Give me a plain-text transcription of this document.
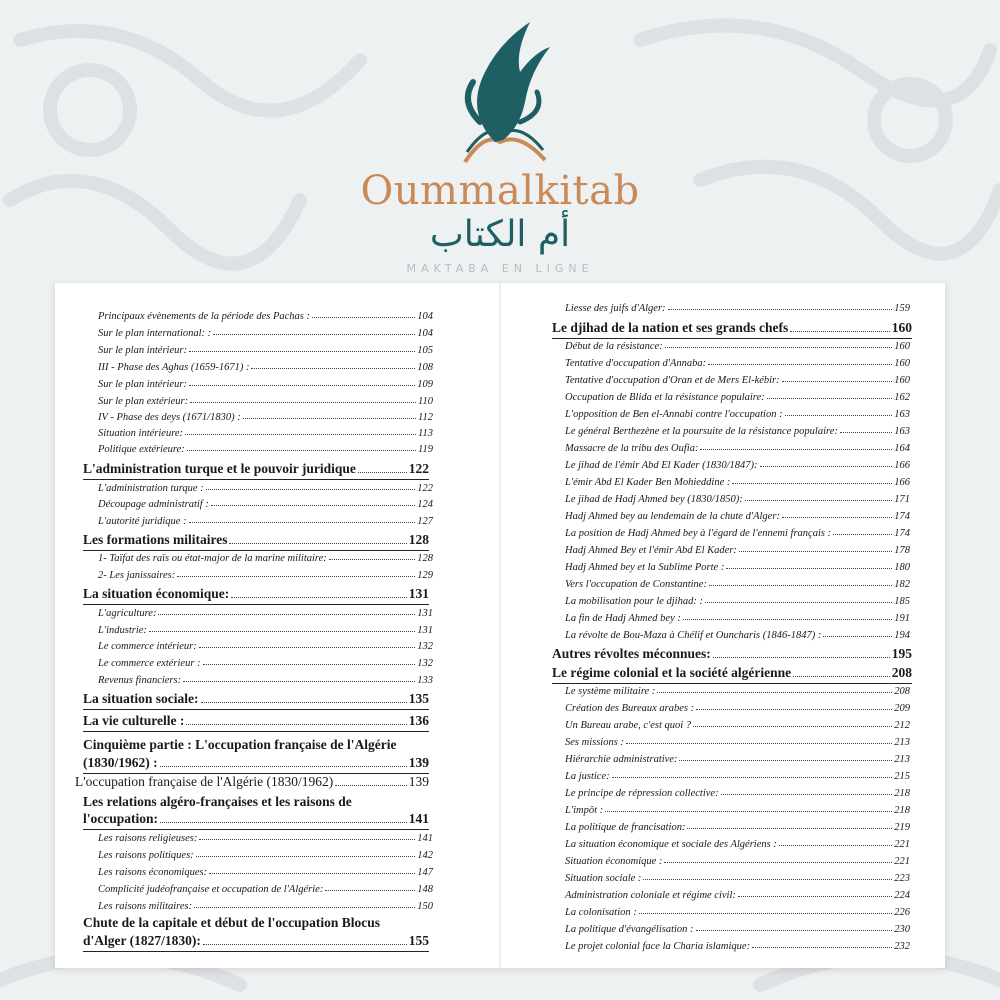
Oummalkitab
أم الكتاب
MAKTABA EN LIGNE
Principaux évènements de la période des Pachas :	104
Sur le plan international: :	104
Sur le plan intérieur:	105
III - Phase des Aghas (1659-1671) :	108
Sur le plan intérieur:	109
Sur le plan extérieur:	110
IV - Phase des deys (1671/1830) :	112
Situation intérieure:	113
Politique extérieure:	119
L'administration turque et le pouvoir juridique	122
L'administration turque :	122
Découpage administratif :	124
L'autorité juridique :	127
Les formations militaires	128
1- Taïfat des raïs ou état-major de la marine militaire:	128
2- Les janissaires:	129
La situation économique:	131
L'agriculture:	131
L'industrie:	131
Le commerce intérieur:	132
Le commerce extérieur :	132
Revenus financiers:	133
La situation sociale:	135
La vie culturelle :	136
Cinquième partie : L'occupation française de l'Algérie
(1830/1962) :	139
L'occupation française de l'Algérie (1830/1962)	139
Les relations algéro-françaises et les raisons de
l'occupation:	141
Les raisons religieuses:	141
Les raisons politiques:	142
Les raisons économiques:	147
Complicité judéofrançaise et occupation de l'Algérie:	148
Les raisons militaires:	150
Chute de la capitale et début de l'occupation Blocus
d'Alger (1827/1830):	155
Liesse des juifs d'Alger:	159
Le djihad de la nation et ses grands chefs	160
Début de la résistance:	160
Tentative d'occupation d'Annaba:	160
Tentative d'occupation d'Oran et de Mers El-kébir:	160
Occupation de Blida et la résistance populaire:	162
L'opposition de Ben el-Annabi contre l'occupation :	163
Le général Berthezène et la poursuite de la résistance populaire:	163
Massacre de la tribu des Oufia:	164
Le jihad de l'émir Abd El Kader (1830/1847):	166
L'émir Abd El Kader Ben Mohieddine :	166
Le jihad de Hadj Ahmed bey (1830/1850):	171
Hadj Ahmed bey au lendemain de la chute d'Alger:	174
La position de Hadj Ahmed bey à l'égard de l'ennemi français :	174
Hadj Ahmed Bey et l'émir Abd El Kader:	178
Hadj Ahmed bey et la Sublime Porte :	180
Vers l'occupation de Constantine:	182
La mobilisation pour le djihad: :	185
La fin de Hadj Ahmed bey :	191
La révolte de Bou-Maza à Chélif et Ouncharis (1846-1847) :	194
Autres révoltes méconnues:	195
Le régime colonial et la société algérienne	208
Le système militaire :	208
Création des Bureaux arabes :	209
Un Bureau arabe, c'est quoi ?	212
Ses missions :	213
Hiérarchie administrative:	213
La justice:	215
Le principe de répression collective:	218
L'impôt :	218
La politique de francisation:	219
La situation économique et sociale des Algériens :	221
Situation économique :	221
Situation sociale :	223
Administration coloniale et régime civil:	224
La colonisation :	226
La politique d'évangélisation :	230
Le projet colonial face la Charia islamique:	232
